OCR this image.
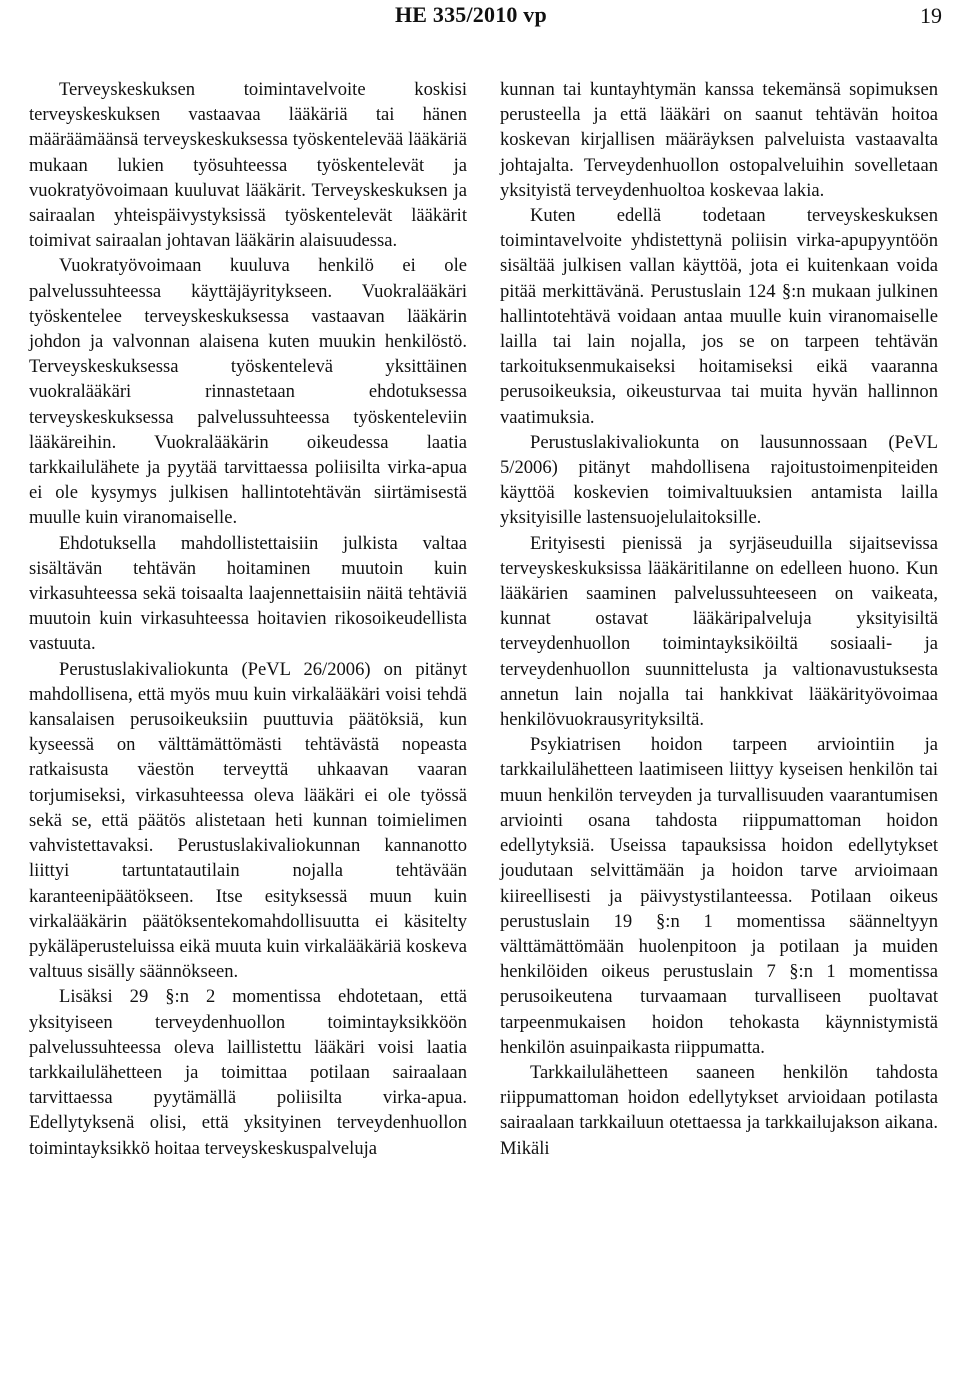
HE 335/2010 vp	19

Terveyskeskuksen toimintavelvoite koskisi terveyskeskuksen vastaavaa lääkäriä tai hänen määräämäänsä terveyskeskuksessa työskentelevää lääkäriä mukaan lukien työsuhteessa työskentelevät ja vuokratyövoimaan kuuluvat lääkärit. Terveyskeskuksen ja sairaalan yhteispäivystyksissä työskentelevät lääkärit toimivat sairaalan johtavan lääkärin alaisuudessa.

Vuokratyövoimaan kuuluva henkilö ei ole palvelussuhteessa käyttäjäyritykseen. Vuokralääkäri työskentelee terveyskeskuksessa vastaavan lääkärin johdon ja valvonnan alaisena kuten muukin henkilöstö. Terveyskeskuksessa työskentelevä yksittäinen vuokralääkäri rinnastetaan ehdotuksessa terveyskeskuksessa palvelussuhteessa työskenteleviin lääkäreihin. Vuokralääkärin oikeudessa laatia tarkkailulähete ja pyytää tarvittaessa poliisilta virka-apua ei ole kysymys julkisen hallintotehtävän siirtämisestä muulle kuin viranomaiselle.

Ehdotuksella mahdollistettaisiin julkista valtaa sisältävän tehtävän hoitaminen muutoin kuin virkasuhteessa sekä toisaalta laajennettaisiin näitä tehtäviä muutoin kuin virkasuhteessa hoitavien rikosoikeudellista vastuuta.

Perustuslakivaliokunta (PeVL 26/2006) on pitänyt mahdollisena, että myös muu kuin virkalääkäri voisi tehdä kansalaisen perusoikeuksiin puuttuvia päätöksiä, kun kyseessä on välttämättömästi tehtävästä nopeasta ratkaisusta väestön terveyttä uhkaavan vaaran torjumiseksi, virkasuhteessa oleva lääkäri ei ole työssä sekä se, että päätös alistetaan heti kunnan toimielimen vahvistettavaksi. Perustuslakivaliokunnan kannanotto liittyi tartuntatautilain nojalla tehtävään karanteenipäätökseen. Itse esityksessä muun kuin virkalääkärin päätöksentekomahdollisuutta ei käsitelty pykäläperusteluissa eikä muuta kuin virkalääkäriä koskeva valtuus sisälly säännökseen.

Lisäksi 29 §:n 2 momentissa ehdotetaan, että yksityiseen terveydenhuollon toimintayksikköön palvelussuhteessa oleva laillistettu lääkäri voisi laatia tarkkailulähetteen ja toimittaa potilaan sairaalaan tarvittaessa pyytämällä poliisilta virka-apua. Edellytyksenä olisi, että yksityinen terveydenhuollon toimintayksikkö hoitaa terveyskeskuspalveluja

kunnan tai kuntayhtymän kanssa tekemänsä sopimuksen perusteella ja että lääkäri on saanut tehtävän hoitoa koskevan kirjallisen määräyksen palveluista vastaavalta johtajalta. Terveydenhuollon ostopalveluihin sovelletaan yksityistä terveydenhuoltoa koskevaa lakia.

Kuten edellä todetaan terveyskeskuksen toimintavelvoite yhdistettynä poliisin virka-apupyyntöön sisältää julkisen vallan käyttöä, jota ei kuitenkaan voida pitää merkittävänä. Perustuslain 124 §:n mukaan julkinen hallintotehtävä voidaan antaa muulle kuin viranomaiselle lailla tai lain nojalla, jos se on tarpeen tehtävän tarkoituksenmukaiseksi hoitamiseksi eikä vaaranna perusoikeuksia, oikeusturvaa tai muita hyvän hallinnon vaatimuksia.

Perustuslakivaliokunta on lausunnossaan (PeVL 5/2006) pitänyt mahdollisena rajoitustoimenpiteiden käyttöä koskevien toimivaltuuksien antamista lailla yksityisille lastensuojelulaitoksille.

Erityisesti pienissä ja syrjäseuduilla sijaitsevissa terveyskeskuksissa lääkäritilanne on edelleen huono. Kun lääkärien saaminen palvelussuhteeseen on vaikeata, kunnat ostavat lääkäripalveluja yksityisiltä terveydenhuollon toimintayksiköiltä sosiaali- ja terveydenhuollon suunnittelusta ja valtionavustuksesta annetun lain nojalla tai hankkivat lääkärityövoimaa henkilövuokrausyrityksiltä.

Psykiatrisen hoidon tarpeen arviointiin ja tarkkailulähetteen laatimiseen liittyy kyseisen henkilön tai muun henkilön terveyden ja turvallisuuden vaarantumisen arviointi osana tahdosta riippumattoman hoidon edellytyksiä. Useissa tapauksissa hoidon edellytykset joudutaan selvittämään ja hoidon tarve arvioimaan kiireellisesti ja päivystystilanteessa. Potilaan oikeus perustuslain 19 §:n 1 momentissa säänneltyyn välttämättömään huolenpitoon ja potilaan ja muiden henkilöiden oikeus perustuslain 7 §:n 1 momentissa perusoikeutena turvaamaan turvalliseen puoltavat tarpeenmukaisen hoidon tehokasta käynnistymistä henkilön asuinpaikasta riippumatta.

Tarkkailulähetteen saaneen henkilön tahdosta riippumattoman hoidon edellytykset arvioidaan potilasta sairaalaan tarkkailuun otettaessa ja tarkkailujakson aikana. Mikäli
